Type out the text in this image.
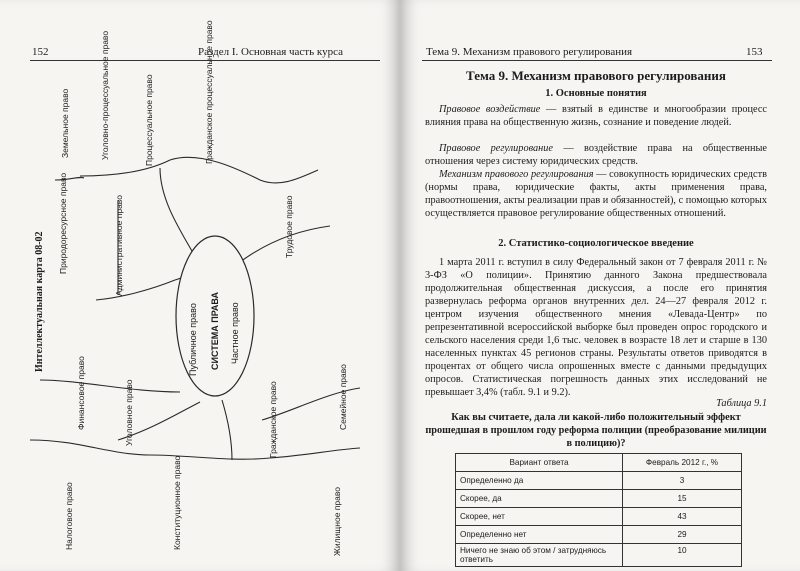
152	Раздел I. Основная часть курса
Интеллектуальная карта 08-02	Публичное право СИСТЕМА ПРАВА Частное право
Земельное право	Уголовно-процессуальное право	Процессуальное право	Гражданское процессуальное право
Природоресурсное право	Административное право	Трудовое право
Финансовое право	Уголовное право	Гражданское право	Семейное право
Налоговое право	Конституционное право	Жилищное право
Тема 9. Механизм правового регулирования	153
Тема 9. Механизм правового регулирования
1. Основные понятия
Правовое воздействие — взятый в единстве и многообразии процесс влияния права на общественную жизнь, сознание и поведение людей.
Правовое регулирование — воздействие права на общественные отношения через систему юридических средств.
Механизм правового регулирования — совокупность юридических средств (нормы права, юридические факты, акты применения права, правоотношения, акты реализации прав и обязанностей), с помощью которых осуществляется правовое регулирование общественных отношений.
2. Статистико-социологическое введение
1 марта 2011 г. вступил в силу Федеральный закон от 7 февраля 2011 г. № 3-ФЗ «О полиции». Принятию данного Закона предшествовала продолжительная общественная дискуссия, а после его принятия развернулась реформа органов внутренних дел. 24—27 февраля 2012 г. центром изучения общественного мнения «Левада-Центр» по репрезентативной всероссийской выборке был проведен опрос городского и сельского населения среди 1,6 тыс. человек в возрасте 18 лет и старше в 130 населенных пунктах 45 регионов страны. Результаты ответов приводятся в процентах от общего числа опрошенных вместе с данными предыдущих опросов. Статистическая погрешность данных этих исследований не превышает 3,4% (табл. 9.1 и 9.2).
Таблица 9.1
Как вы считаете, дала ли какой-либо положительный эффект прошедшая в прошлом году реформа полиции (преобразование милиции в полицию)?
Вариант ответа	Февраль 2012 г., %
Определенно да	3
Скорее, да	15
Скорее, нет	43
Определенно нет	29
Ничего не знаю об этом / затрудняюсь ответить	10
